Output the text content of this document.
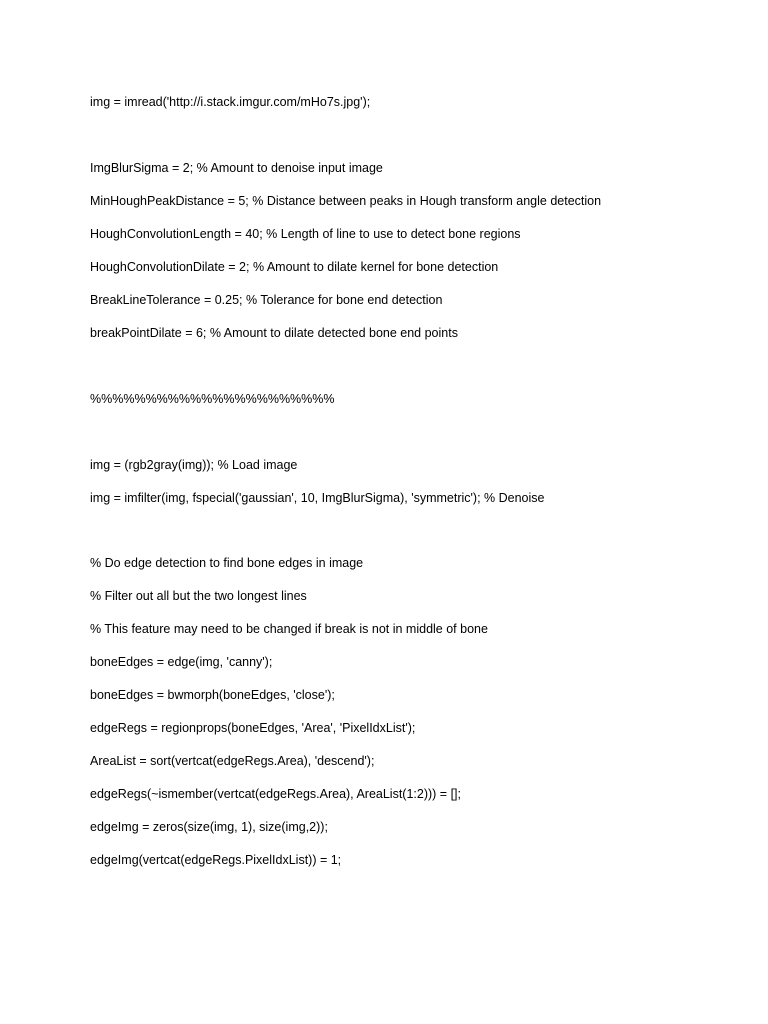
img = imread('http://i.stack.imgur.com/mHo7s.jpg');
ImgBlurSigma = 2; % Amount to denoise input image
MinHoughPeakDistance = 5; % Distance between peaks in Hough transform angle detection
HoughConvolutionLength = 40; % Length of line to use to detect bone regions
HoughConvolutionDilate = 2; % Amount to dilate kernel for bone detection
BreakLineTolerance = 0.25; % Tolerance for bone end detection
breakPointDilate = 6; % Amount to dilate detected bone end points
%%%%%%%%%%%%%%%%%%%%%%
img = (rgb2gray(img)); % Load image
img = imfilter(img, fspecial('gaussian', 10, ImgBlurSigma), 'symmetric'); % Denoise
% Do edge detection to find bone edges in image
% Filter out all but the two longest lines
% This feature may need to be changed if break is not in middle of bone
boneEdges = edge(img, 'canny');
boneEdges = bwmorph(boneEdges, 'close');
edgeRegs = regionprops(boneEdges, 'Area', 'PixelIdxList');
AreaList = sort(vertcat(edgeRegs.Area), 'descend');
edgeRegs(~ismember(vertcat(edgeRegs.Area), AreaList(1:2))) = [];
edgeImg = zeros(size(img, 1), size(img,2));
edgeImg(vertcat(edgeRegs.PixelIdxList)) = 1;
